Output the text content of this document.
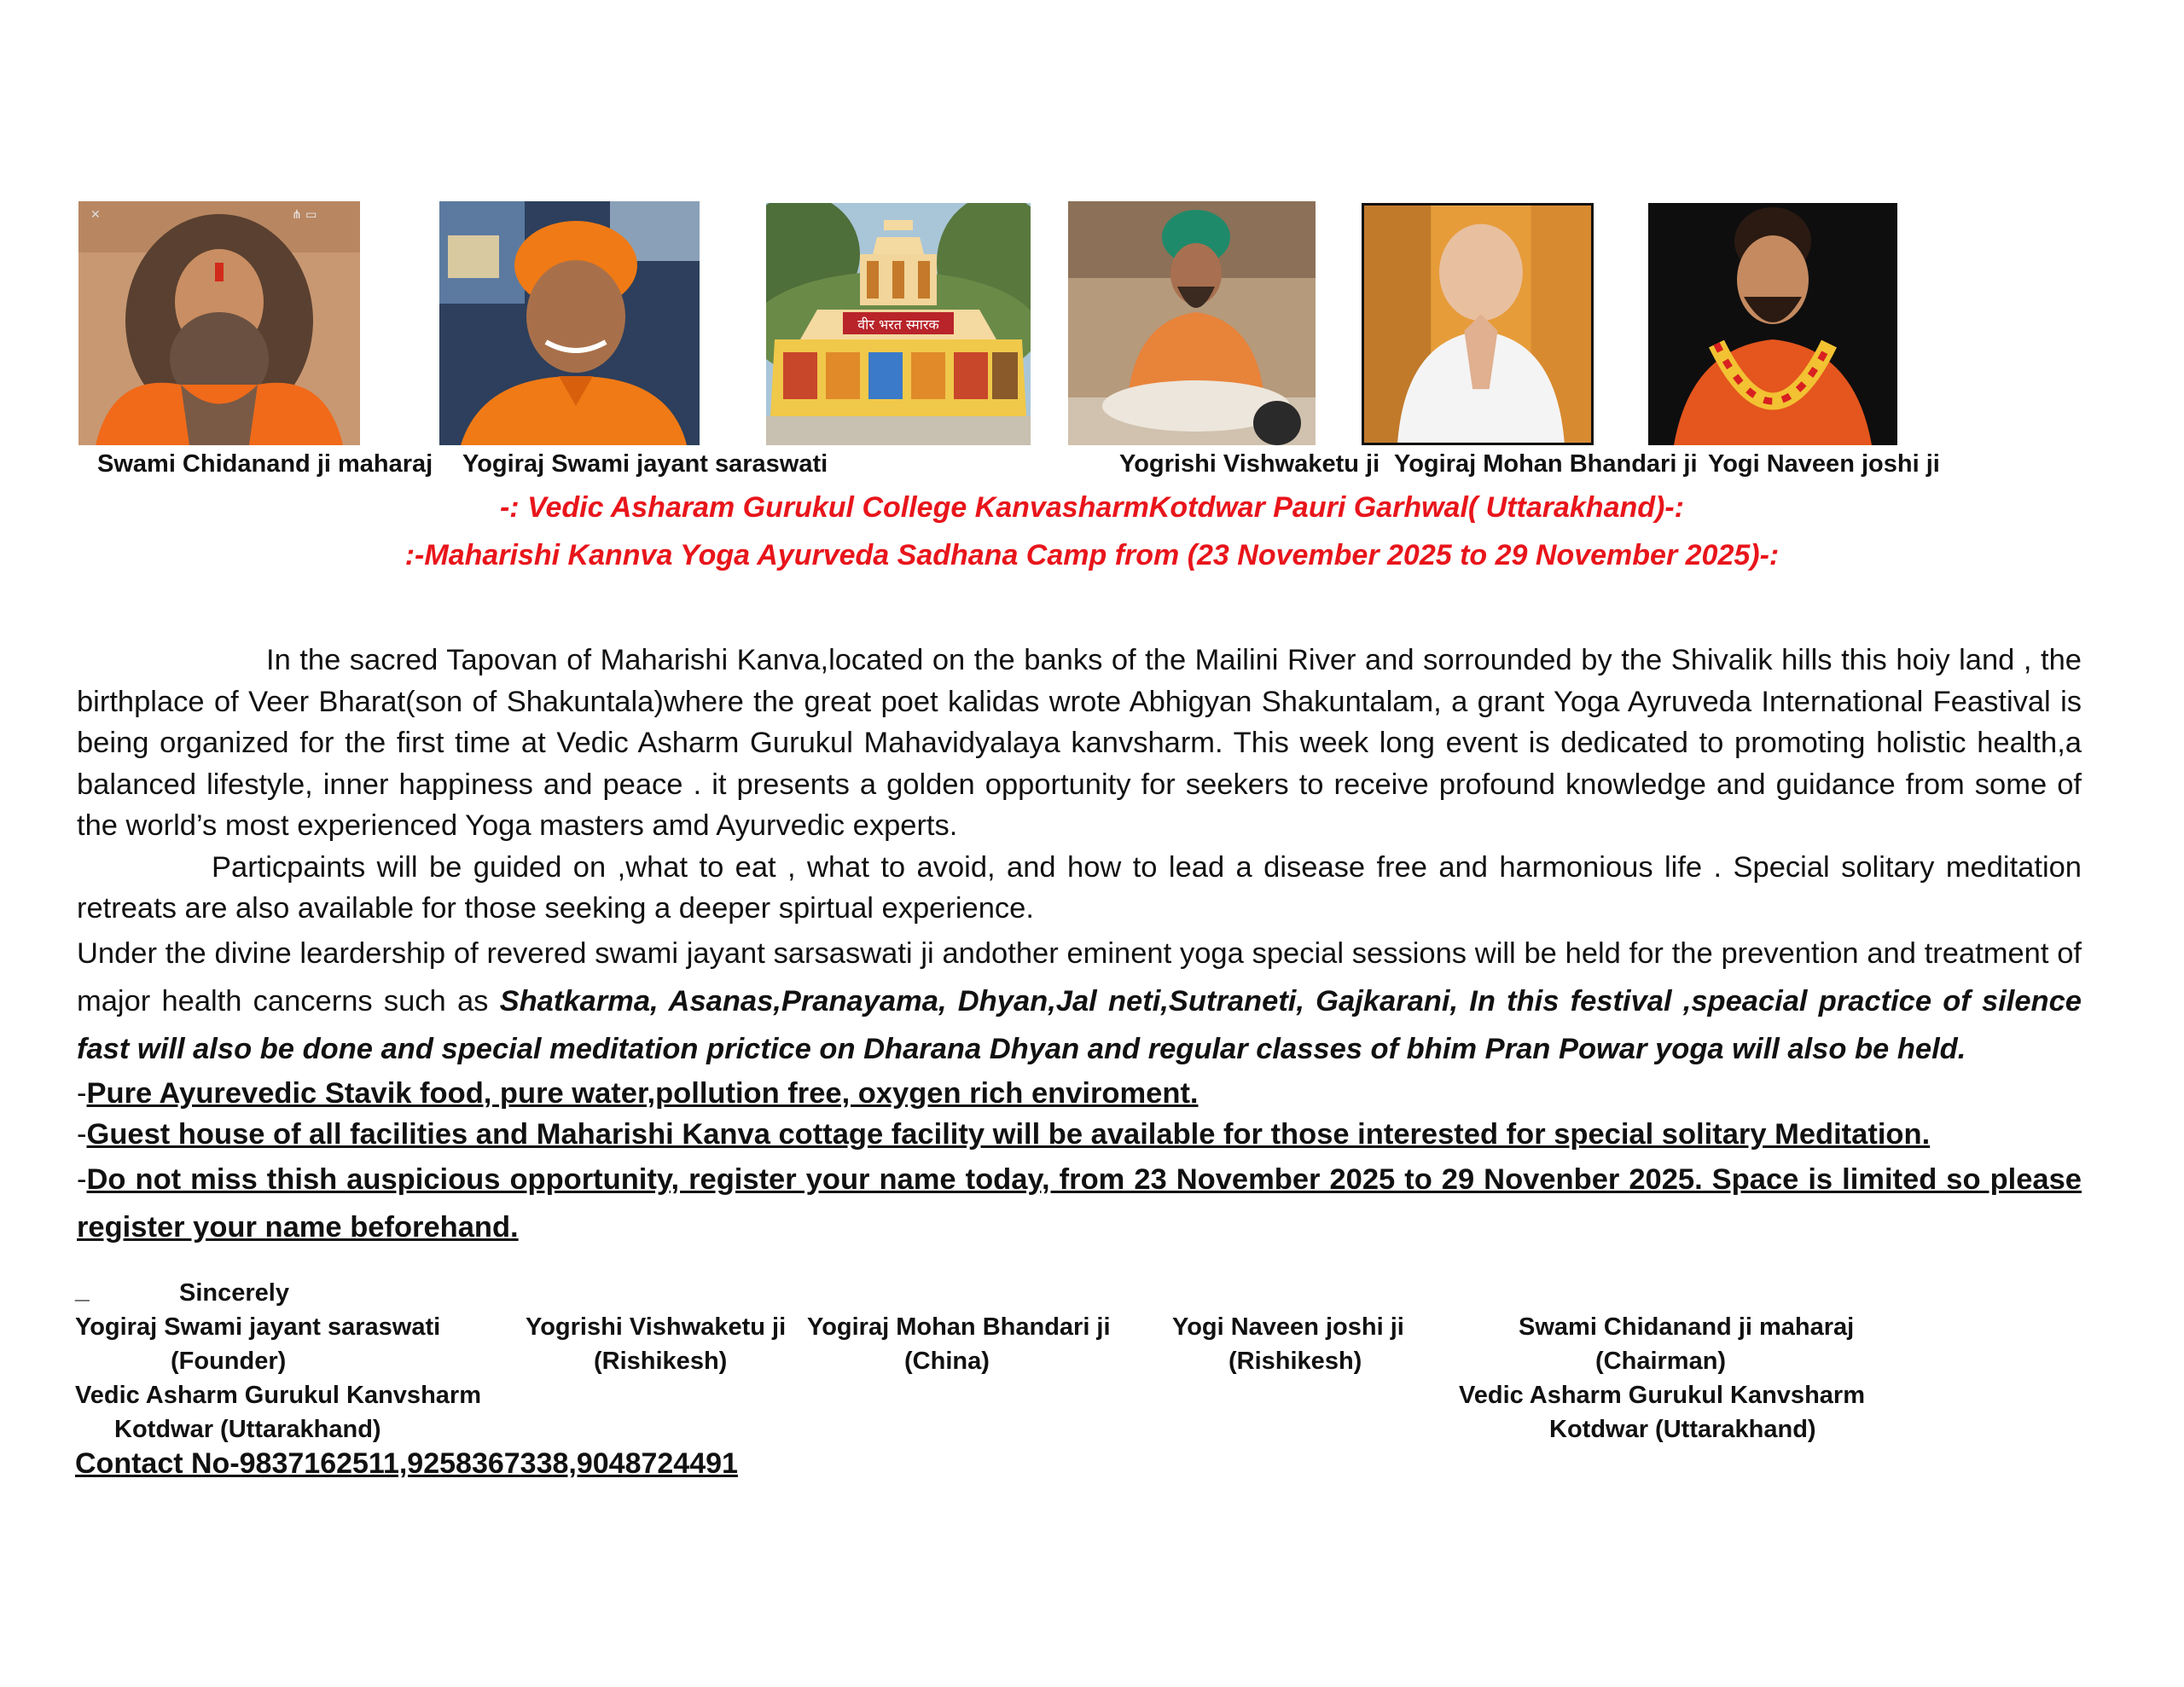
✕	⋔ ▭
वीर भरत स्मारक
Swami Chidanand ji maharaj Yogiraj Swami jayant saraswati	Yogrishi Vishwaketu ji Yogiraj Mohan Bhandari ji Yogi Naveen joshi ji
-: Vedic Asharam Gurukul College KanvasharmKotdwar Pauri Garhwal( Uttarakhand)-:
:-Maharishi Kannva Yoga Ayurveda Sadhana Camp from (23 November 2025 to 29 November 2025)-:

In the sacred Tapovan of Maharishi Kanva,located on the banks of the Mailini River and sorrounded by the Shivalik hills this hoiy land , the birthplace of Veer Bharat(son of Shakuntala)where the great poet kalidas wrote Abhigyan Shakuntalam, a grant Yoga Ayruveda International Feastival is being organized for the first time at Vedic Asharm Gurukul Mahavidyalaya kanvsharm. This week long event is dedicated to promoting holistic health,a balanced lifestyle, inner happiness and peace . it presents a golden opportunity for seekers to receive profound knowledge and guidance from some of the world’s most experienced Yoga masters amd Ayurvedic experts.

Particpaints will be guided on ,what to eat , what to avoid, and how to lead a disease free and harmonious life . Special solitary meditation retreats are also available for those seeking a deeper spirtual experience.

Under the divine leardership of revered swami jayant sarsaswati ji andother eminent yoga special sessions will be held for the prevention and treatment of major health cancerns such as Shatkarma, Asanas,Pranayama, Dhyan,Jal neti,Sutraneti, Gajkarani, In this festival ,speacial practice of silence fast will also be done and special meditation prictice on Dharana Dhyan and regular classes of bhim Pran Powar yoga will also be held.

-Pure Ayurevedic Stavik food, pure water,pollution free, oxygen rich enviroment.

-Guest house of all facilities and Maharishi Kanva cottage facility will be available for those interested for special solitary Meditation.

-Do not miss thish auspicious opportunity, register your name today, from 23 November 2025 to 29 Novenber 2025. Space is limited so please register your name beforehand.

_	Sincerely
Yogiraj Swami jayant saraswati
(Founder)
Vedic Asharm Gurukul Kanvsharm
Kotdwar (Uttarakhand)
Yogrishi Vishwaketu ji
(Rishikesh)
Yogiraj Mohan Bhandari ji
(China)
Yogi Naveen joshi ji
(Rishikesh)
Swami Chidanand ji maharaj
(Chairman)
Vedic Asharm Gurukul Kanvsharm
Kotdwar (Uttarakhand)
Contact No-9837162511,9258367338,9048724491
